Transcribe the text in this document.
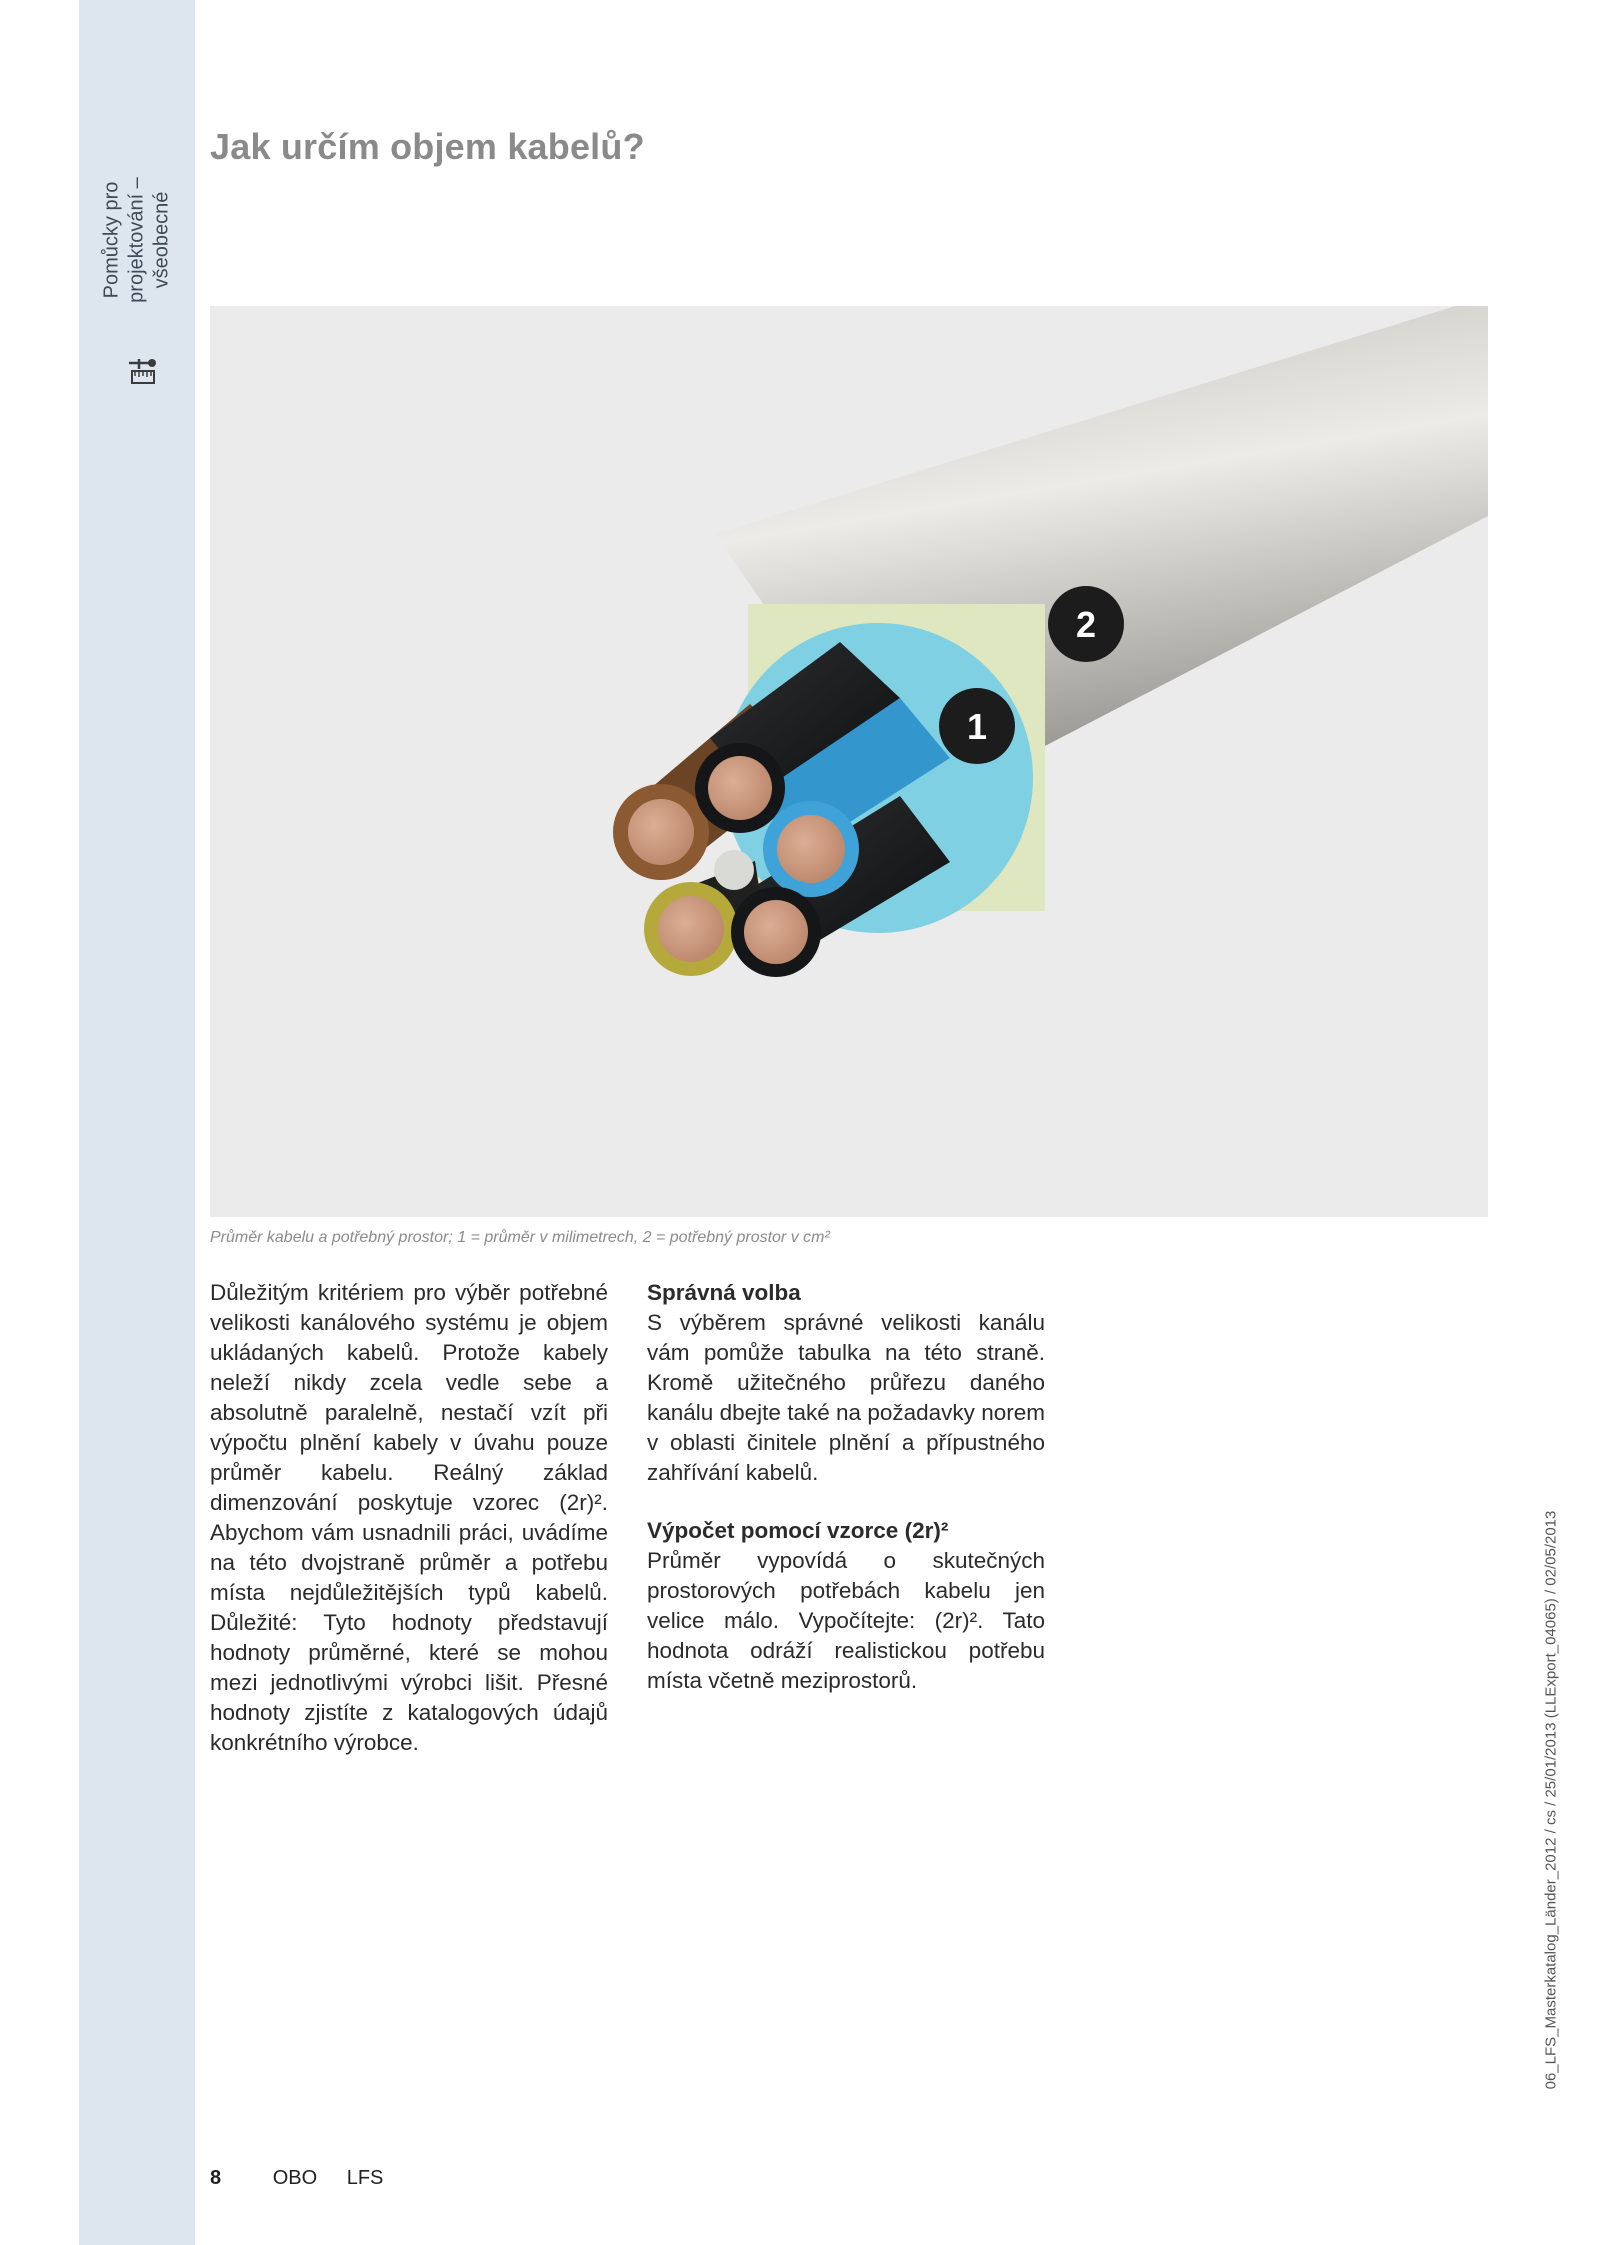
Pomůcky pro projektování – všeobecné
Jak určím objem kabelů?
1
2
Průměr kabelu a potřebný prostor; 1 = průměr v milimetrech, 2 = potřebný prostor v cm²

Důležitým kritériem pro výběr potřebné velikosti kanálového systému je objem ukládaných kabelů. Protože kabely neleží nikdy zcela vedle sebe a absolutně paralelně, nestačí vzít při výpočtu plnění kabely v úvahu pouze průměr kabelu. Reálný základ dimenzování poskytuje vzorec (2r)². Abychom vám usnadnili práci, uvádíme na této dvojstraně průměr a potřebu místa nejdůležitějších typů kabelů. Důležité: Tyto hodnoty představují hodnoty průměrné, které se mohou mezi jednotlivými výrobci lišit. Přesné hodnoty zjistíte z katalogových údajů konkrétního výrobce.

Správná volba

S výběrem správné velikosti kanálu vám pomůže tabulka na této straně. Kromě užitečného průřezu daného kanálu dbejte také na požadavky norem v oblasti činitele plnění a přípustného zahřívání kabelů.

Výpočet pomocí vzorce (2r)²

Průměr vypovídá o skutečných prostorových potřebách kabelu jen velice málo. Vypočítejte: (2r)². Tato hodnota odráží realistickou potřebu místa včetně meziprostorů.	06_LFS_Masterkatalog_Länder_2012 / cs / 25/01/2013 (LLExport_04065) / 02/05/2013
8	OBO LFS
